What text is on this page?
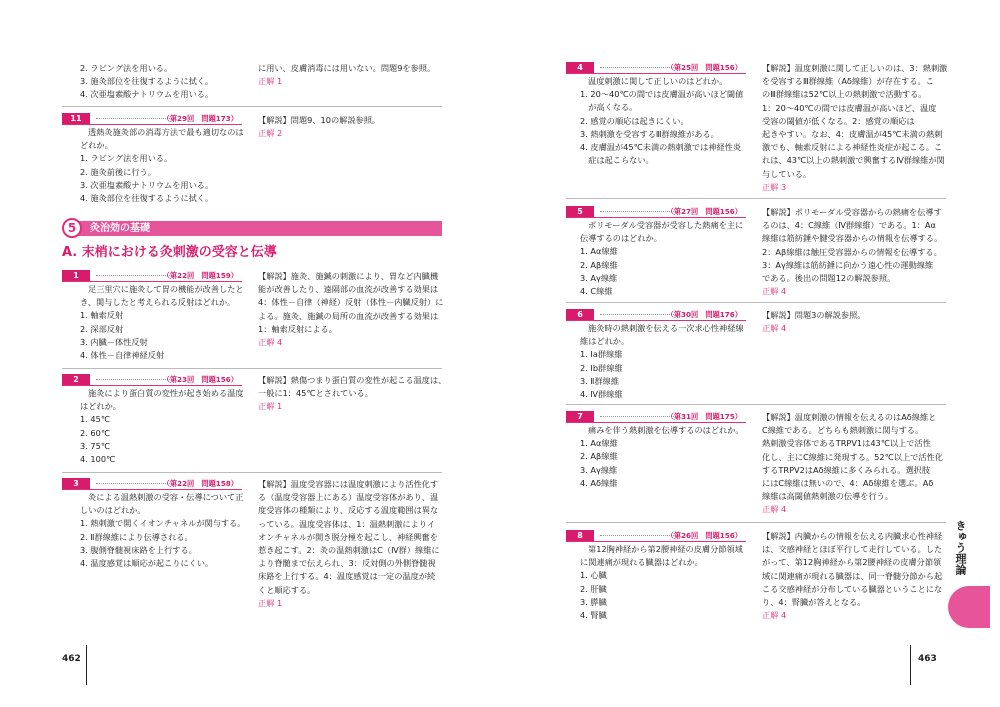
2. ラビング法を用いる。
3. 施灸部位を往復するように拭く。
4. 次亜塩素酸ナトリウムを用いる。
に用い、皮膚消毒には用いない。問題9を参照。
正解 1
11	（第29回　問題173）
透熱灸施灸部の消毒方法で最も適切なのは
どれか。
1. ラビング法を用いる。
2. 施灸前後に行う。
3. 次亜塩素酸ナトリウムを用いる。
4. 施灸部位を往復するように拭く。
【解説】問題9、10の解説参照。
正解 2
5	灸治効の基礎
A. 末梢における灸刺激の受容と伝導
1	（第22回　問題159）
足三里穴に施灸して胃の機能が改善したと
き、関与したと考えられる反射はどれか。
1. 軸索反射
2. 深部反射
3. 内臓－体性反射
4. 体性－自律神経反射
【解説】施灸、施鍼の刺激により、胃など内臓機
能が改善したり、遠隔部の血流が改善する効果は
4：体性－自律（神経）反射（体性－内臓反射）に
よる。施灸、施鍼の局所の血流が改善する効果は
1：軸索反射による。
正解 4
2	（第23回　問題156）
施灸により蛋白質の変性が起き始める温度
はどれか。
1. 45℃
2. 60℃
3. 75℃
4. 100℃
【解説】熱傷つまり蛋白質の変性が起こる温度は、
一般に1：45℃とされている。
正解 1
3	（第22回　問題158）
灸による温熱刺激の受容・伝導について正
しいのはどれか。
1. 熱刺激で開くイオンチャネルが関与する。
2. Ⅱ群線維により伝導される。
3. 腹側脊髄視床路を上行する。
4. 温度感覚は順応が起こりにくい。
【解説】温度受容器には温度刺激により活性化す
る（温度受容器上にある）温度受容体があり、温
度受容体の種類により、反応する温度範囲は異な
っている。温度受容体は、1：温熱刺激によりイ
オンチャネルが開き脱分極を起こし、神経興奮を
惹き起こす。2：灸の温熱刺激はC（Ⅳ群）線維に
より脊髄まで伝えられ、3：反対側の外側脊髄視
床路を上行する。4：温度感覚は一定の温度が続
くと順応する。
正解 1
462
4	（第25回　問題156）
温度刺激に関して正しいのはどれか。
1. 20～40℃の間では皮膚温が高いほど閾値
　が高くなる。
2. 感覚の順応は起きにくい。
3. 熱刺激を受容するⅢ群線維がある。
4. 皮膚温が45℃未満の熱刺激では神経性炎
　症は起こらない。
【解説】温度刺激に関して正しいのは、3：熱刺激
を受容するⅢ群線維（Aδ線維）が存在する。こ
のⅢ群線維は52℃以上の熱刺激で活動する。
1：20～40℃の間では皮膚温が高いほど、温度
受容の閾値が低くなる。2：感覚の順応は
起きやすい。なお、4：皮膚温が45℃未満の熱刺
激でも、軸索反射による神経性炎症が起こる。こ
れは、43℃以上の熱刺激で興奮するⅣ群線維が関
与している。
正解 3
5	（第27回　問題156）
ポリモーダル受容器が受容した熱痛を主に
伝導するのはどれか。
1. Aα線維
2. Aβ線維
3. Aγ線維
4. C線維
【解説】ポリモーダル受容器からの熱痛を伝導す
るのは、4：C線維（Ⅳ群線維）である。1：Aα
線維は筋紡錘や腱受容器からの情報を伝導する。
2：Aβ線維は触圧受容器からの情報を伝導する。
3：Aγ線維は筋紡錘に向かう遠心性の運動線維
である。後出の問題12の解説参照。
正解 4
6	（第30回　問題176）
施灸時の熱刺激を伝える一次求心性神経線
維はどれか。
1. Ⅰa群線維
2. Ⅰb群線維
3. Ⅱ群線維
4. Ⅳ群線維
【解説】問題3の解説参照。
正解 4
7	（第31回　問題175）
痛みを伴う熱刺激を伝導するのはどれか。
1. Aα線維
2. Aβ線維
3. Aγ線維
4. Aδ線維
【解説】温度刺激の情報を伝えるのはAδ線維と
C線維である。どちらも熱刺激に関与する。
熱刺激受容体であるTRPV1は43℃以上で活性
化し、主にC線維に発現する。52℃以上で活性化
するTRPV2はAδ線維に多くみられる。選択肢
にはC線維は無いので、4：Aδ線維を選ぶ。Aδ
線維は高閾値熱刺激の伝導を行う。
正解 4
8	（第26回　問題156）
第12胸神経から第2腰神経の皮膚分節領域
に関連痛が現れる臓器はどれか。
1. 心臓
2. 肝臓
3. 膵臓
4. 腎臓
【解説】内臓からの情報を伝える内臓求心性神経
は、交感神経とほぼ平行して走行している。した
がって、第12胸神経から第2腰神経の皮膚分節領
域に関連痛が現れる臓器は、同一脊髄分節から起
こる交感神経が分布している臓器ということにな
り、4：腎臓が答えとなる。
正解 4
きゅう理論
463
